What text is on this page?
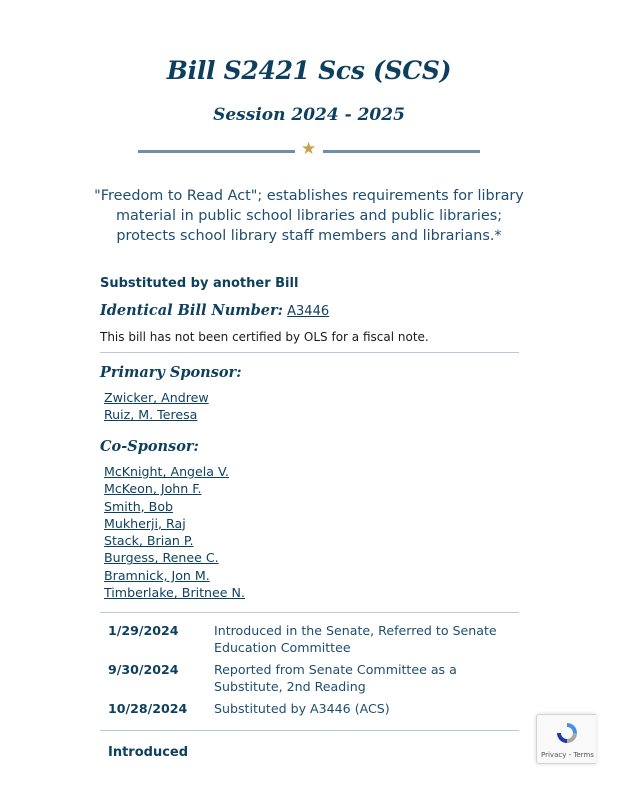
Bill S2421 Scs (SCS)
Session 2024 - 2025
★
"Freedom to Read Act"; establishes requirements for library material in public school libraries and public libraries; protects school library staff members and librarians.*
Substituted by another Bill
Identical Bill Number: A3446
This bill has not been certified by OLS for a fiscal note.
Primary Sponsor:
Zwicker, Andrew
Ruiz, M. Teresa
Co-Sponsor:
McKnight, Angela V.
McKeon, John F.
Smith, Bob
Mukherji, Raj
Stack, Brian P.
Burgess, Renee C.
Bramnick, Jon M.
Timberlake, Britnee N.
1/29/2024	Introduced in the Senate, Referred to Senate Education Committee
9/30/2024	Reported from Senate Committee as a Substitute, 2nd Reading
10/28/2024	Substituted by A3446 (ACS)
Introduced	Privacy - Terms
